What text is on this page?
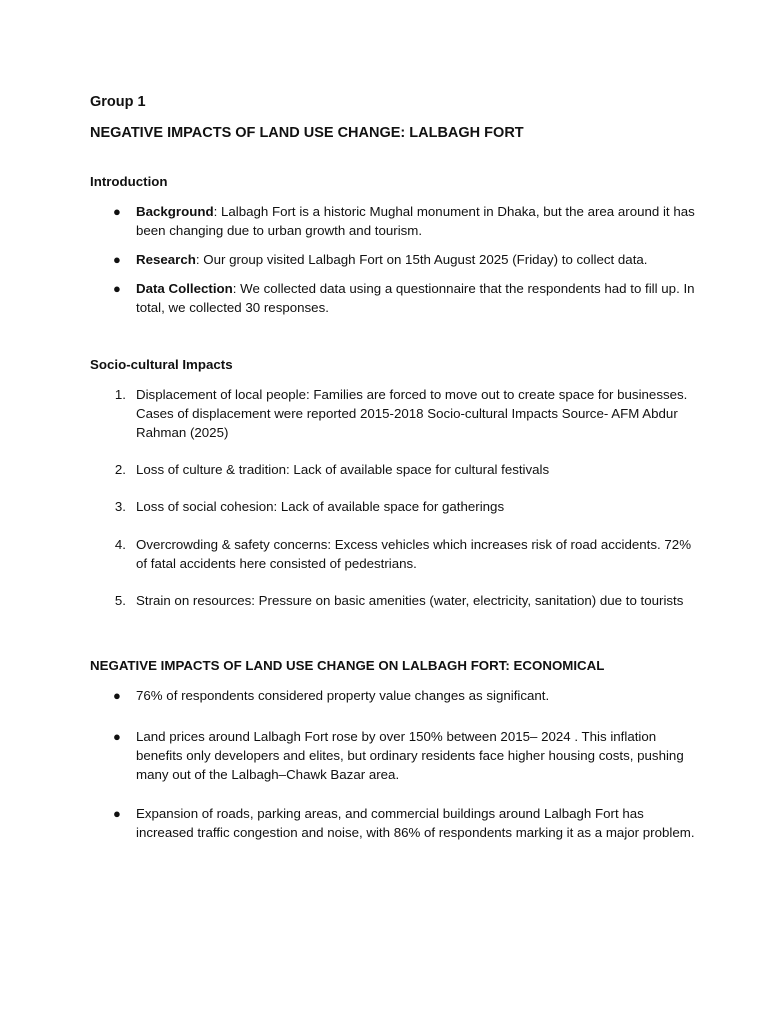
Group 1
NEGATIVE IMPACTS OF LAND USE CHANGE: LALBAGH FORT
Introduction
● Background: Lalbagh Fort is a historic Mughal monument in Dhaka, but the area around it has been changing due to urban growth and tourism.
● Research: Our group visited Lalbagh Fort on 15th August 2025 (Friday) to collect data.
● Data Collection: We collected data using a questionnaire that the respondents had to fill up. In total, we collected 30 responses.
Socio-cultural Impacts
1. Displacement of local people: Families are forced to move out to create space for businesses. Cases of displacement were reported 2015-2018 Socio-cultural Impacts Source- AFM Abdur Rahman (2025)
2. Loss of culture & tradition: Lack of available space for cultural festivals
3. Loss of social cohesion: Lack of available space for gatherings
4. Overcrowding & safety concerns: Excess vehicles which increases risk of road accidents. 72% of fatal accidents here consisted of pedestrians.
5. Strain on resources: Pressure on basic amenities (water, electricity, sanitation) due to tourists
NEGATIVE IMPACTS OF LAND USE CHANGE ON LALBAGH FORT: ECONOMICAL
● 76% of respondents considered property value changes as significant.
● Land prices around Lalbagh Fort rose by over 150% between 2015– 2024 . This inflation benefits only developers and elites, but ordinary residents face higher housing costs, pushing many out of the Lalbagh–Chawk Bazar area.
● Expansion of roads, parking areas, and commercial buildings around Lalbagh Fort has increased traffic congestion and noise, with 86% of respondents marking it as a major problem.
